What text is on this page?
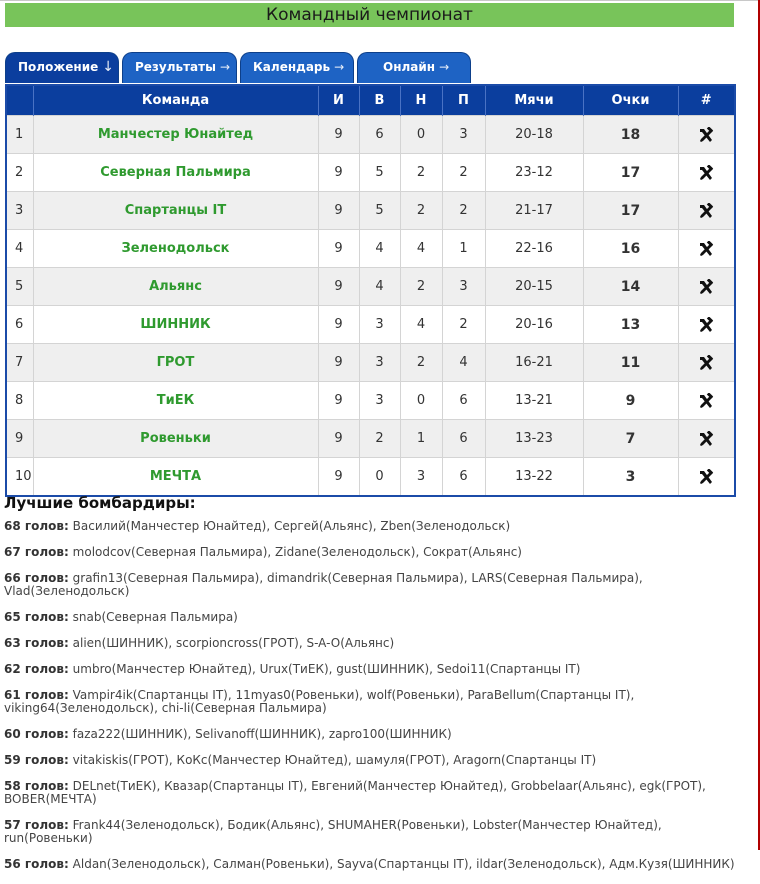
Командный чемпионат
Положение ↓	Результаты →	Календарь →	Онлайн →
	Команда	И	В	Н	П	Мячи	Очки	#
1	Манчестер Юнайтед	9	6	0	3	20-18	18	
2	Северная Пальмира	9	5	2	2	23-12	17	
3	Спартанцы IT	9	5	2	2	21-17	17	
4	Зеленодольск	9	4	4	1	22-16	16	
5	Альянс	9	4	2	3	20-15	14	
6	ШИННИК	9	3	4	2	20-16	13	
7	ГРОТ	9	3	2	4	16-21	11	
8	ТиЕК	9	3	0	6	13-21	9	
9	Ровеньки	9	2	1	6	13-23	7	
10	МЕЧТА	9	0	3	6	13-22	3	
Лучшие бомбардиры:
68 голов: Василий(Манчестер Юнайтед), Сергей(Альянс), Zben(Зеленодольск)
67 голов: molodcov(Северная Пальмира), Zidane(Зеленодольск), Сократ(Альянс)
66 голов: grafin13(Северная Пальмира), dimandrik(Северная Пальмира), LARS(Северная Пальмира), Vlad(Зеленодольск)
65 голов: snab(Северная Пальмира)
63 голов: alien(ШИННИК), scorpioncross(ГРОТ), S-A-O(Альянс)
62 голов: umbro(Манчестер Юнайтед), Urux(ТиЕК), gust(ШИННИК), Sedoi11(Спартанцы IT)
61 голов: Vampir4ik(Спартанцы IT), 11myas0(Ровеньки), wolf(Ровеньки), ParaBellum(Спартанцы IT), viking64(Зеленодольск), chi-li(Северная Пальмира)
60 голов: faza222(ШИННИК), Selivanoff(ШИННИК), zapro100(ШИННИК)
59 голов: vitakiskis(ГРОТ), КоКс(Манчестер Юнайтед), шамуля(ГРОТ), Aragorn(Спартанцы IT)
58 голов: DELnet(ТиЕК), Квазар(Спартанцы IT), Евгений(Манчестер Юнайтед), Grobbelaar(Альянс), egk(ГРОТ), BOBER(МЕЧТА)
57 голов: Frank44(Зеленодольск), Бодик(Альянс), SHUMAHER(Ровеньки), Lobster(Манчестер Юнайтед), run(Ровеньки)
56 голов: Aldan(Зеленодольск), Салман(Ровеньки), Sayva(Спартанцы IT), ildar(Зеленодольск), Адм.Кузя(ШИННИК)
